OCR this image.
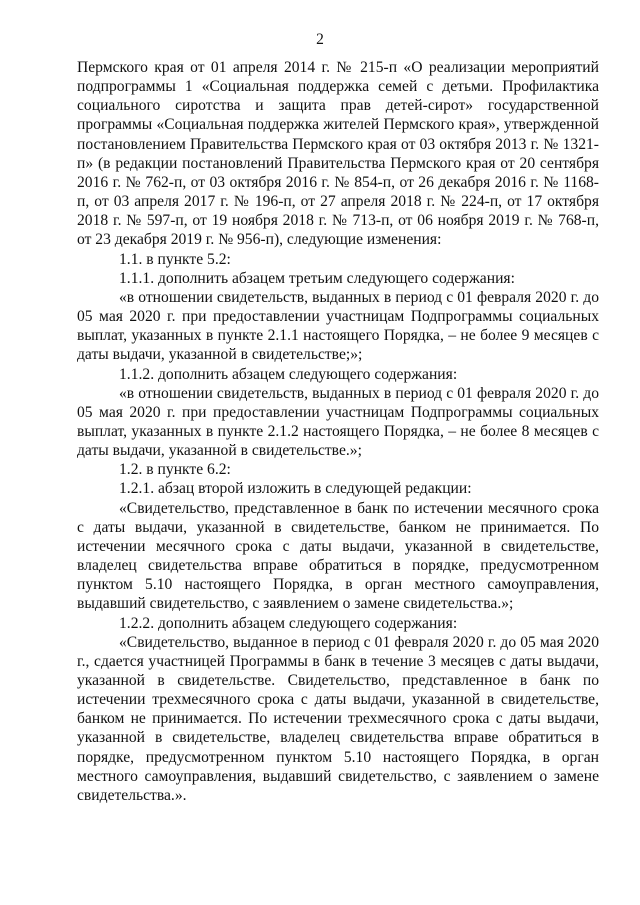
2

Пермского края от 01 апреля 2014 г. № 215-п «О реализации мероприятий подпрограммы 1 «Социальная поддержка семей с детьми. Профилактика социального сиротства и защита прав детей-сирот» государственной программы «Социальная поддержка жителей Пермского края», утвержденной постановлением Правительства Пермского края от 03 октября 2013 г. № 1321-п» (в редакции постановлений Правительства Пермского края от 20 сентября 2016 г. № 762-п, от 03 октября 2016 г. № 854-п, от 26 декабря 2016 г. № 1168-п, от 03 апреля 2017 г. № 196-п, от 27 апреля 2018 г. № 224-п, от 17 октября 2018 г. № 597-п, от 19 ноября 2018 г. № 713-п, от 06 ноября 2019 г. № 768-п, от 23 декабря 2019 г. № 956-п), следующие изменения:

1.1. в пункте 5.2:

1.1.1. дополнить абзацем третьим следующего содержания:

«в отношении свидетельств, выданных в период с 01 февраля 2020 г. до 05 мая 2020 г. при предоставлении участницам Подпрограммы социальных выплат, указанных в пункте 2.1.1 настоящего Порядка, – не более 9 месяцев с даты выдачи, указанной в свидетельстве;»;

1.1.2. дополнить абзацем следующего содержания:

«в отношении свидетельств, выданных в период с 01 февраля 2020 г. до 05 мая 2020 г. при предоставлении участницам Подпрограммы социальных выплат, указанных в пункте 2.1.2 настоящего Порядка, – не более 8 месяцев с даты выдачи, указанной в свидетельстве.»;

1.2. в пункте 6.2:

1.2.1. абзац второй изложить в следующей редакции:

«Свидетельство, представленное в банк по истечении месячного срока с даты выдачи, указанной в свидетельстве, банком не принимается. По истечении месячного срока с даты выдачи, указанной в свидетельстве, владелец свидетельства вправе обратиться в порядке, предусмотренном пунктом 5.10 настоящего Порядка, в орган местного самоуправления, выдавший свидетельство, с заявлением о замене свидетельства.»;

1.2.2. дополнить абзацем следующего содержания:

«Свидетельство, выданное в период с 01 февраля 2020 г. до 05 мая 2020 г., сдается участницей Программы в банк в течение 3 месяцев с даты выдачи, указанной в свидетельстве. Свидетельство, представленное в банк по истечении трехмесячного срока с даты выдачи, указанной в свидетельстве, банком не принимается. По истечении трехмесячного срока с даты выдачи, указанной в свидетельстве, владелец свидетельства вправе обратиться в порядке, предусмотренном пунктом 5.10 настоящего Порядка, в орган местного самоуправления, выдавший свидетельство, с заявлением о замене свидетельства.».
